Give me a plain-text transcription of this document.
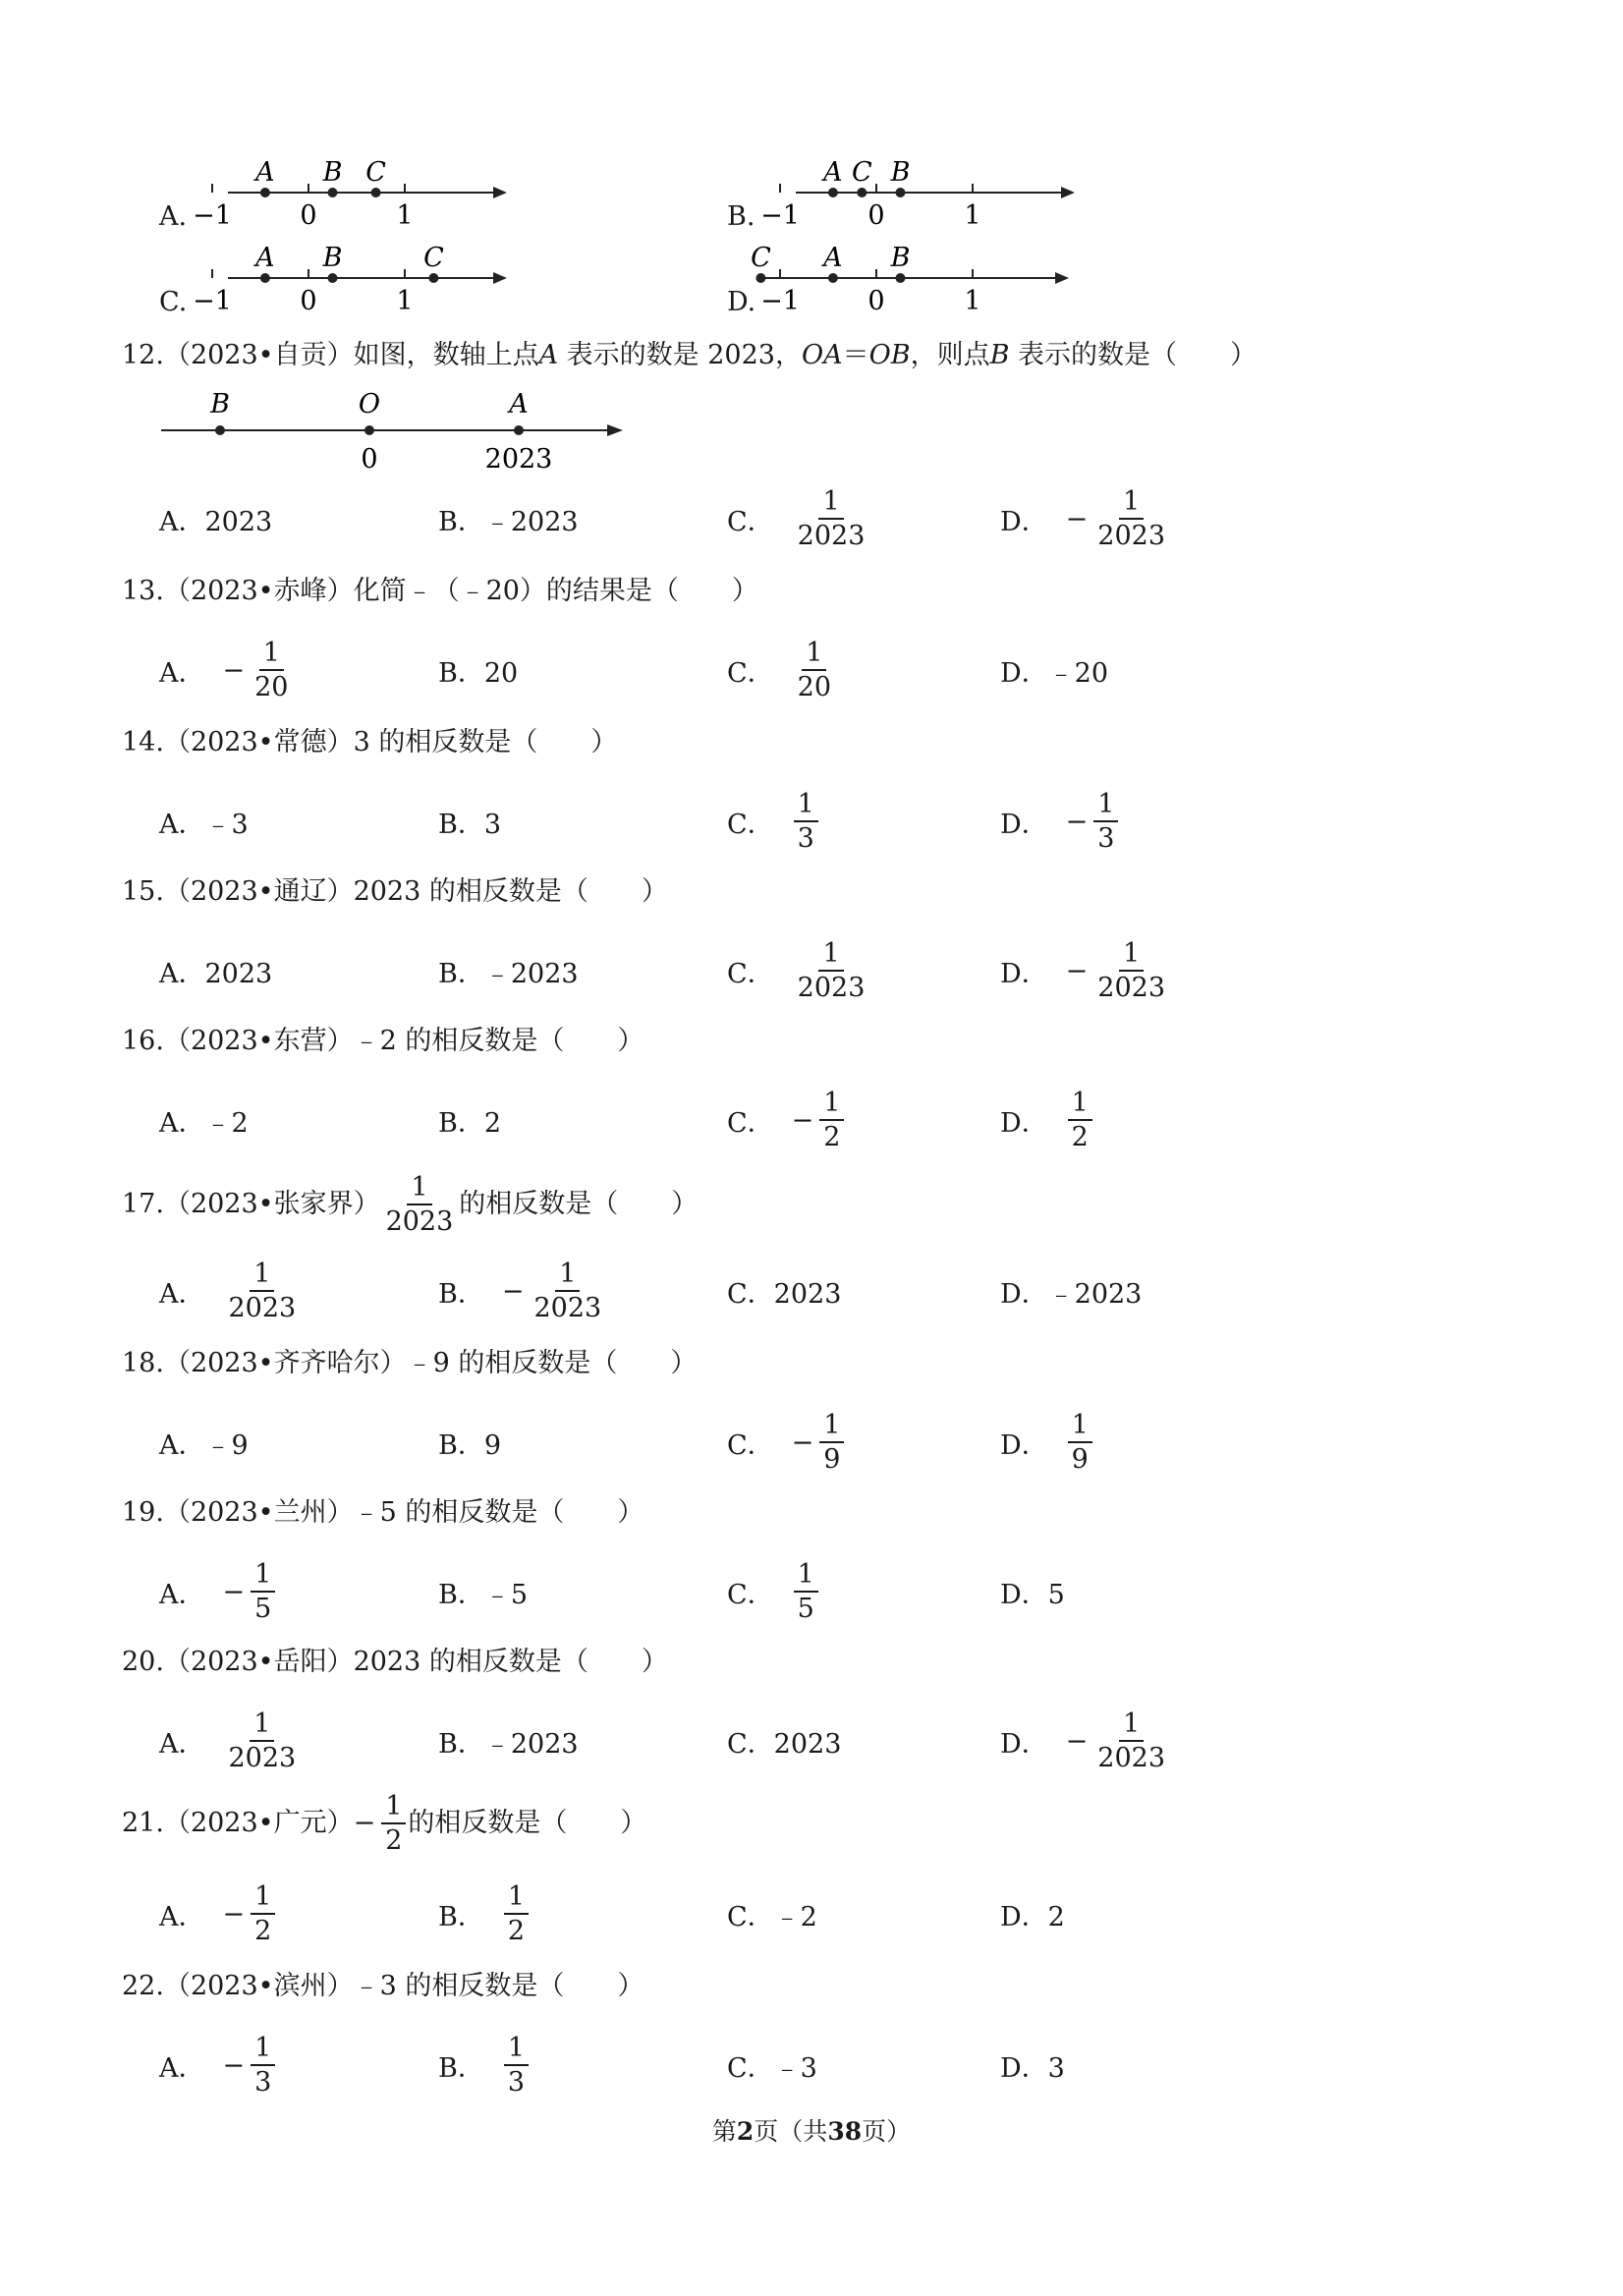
A. −1	0	1
A B C
B. −1	0	1
A C B
C. −1	0	1
A B	C
D. −1	0	1
C A B
12.（2023•自贡）如图，数轴上点A 表示的数是 2023，OA＝OB，则点B 表示的数是（　　）
B	O	A
0	2023
A．2023	B．﹣2023	C． $\frac{1}{2023}$	D． − $\frac{1}{2023}$
13.（2023•赤峰）化简﹣（﹣20）的结果是（　　）
A． − $\frac{1}{20}$	B．20	C． $\frac{1}{20}$	D．﹣20
14.（2023•常德）3 的相反数是（　　）
A．﹣3	B．3	C． $\frac{1}{3}$	D． − $\frac{1}{3}$
15.（2023•通辽）2023 的相反数是（　　）
A．2023	B．﹣2023	C． $\frac{1}{2023}$	D． − $\frac{1}{2023}$
16.（2023•东营）﹣2 的相反数是（　　）
A．﹣2	B．2	C． − $\frac{1}{2}$	D． $\frac{1}{2}$
17.（2023•张家界） $\frac{1}{2023}$ 的相反数是（　　）
A． $\frac{1}{2023}$	B． − $\frac{1}{2023}$	C．2023	D．﹣2023
18.（2023•齐齐哈尔）﹣9 的相反数是（　　）
A．﹣9	B．9	C． − $\frac{1}{9}$	D． $\frac{1}{9}$
19.（2023•兰州）﹣5 的相反数是（　　）
A． − $\frac{1}{5}$	B．﹣5	C． $\frac{1}{5}$	D．5
20.（2023•岳阳）2023 的相反数是（　　）
A． $\frac{1}{2023}$	B．﹣2023	C．2023	D． − $\frac{1}{2023}$
21.（2023•广元） − $\frac{1}{2}$ 的相反数是（　　）
A． − $\frac{1}{2}$	B． $\frac{1}{2}$	C．﹣2	D．2
22.（2023•滨州）﹣3 的相反数是（　　）
A． − $\frac{1}{3}$	B． $\frac{1}{3}$	C．﹣3	D．3
第2页（共38页）
